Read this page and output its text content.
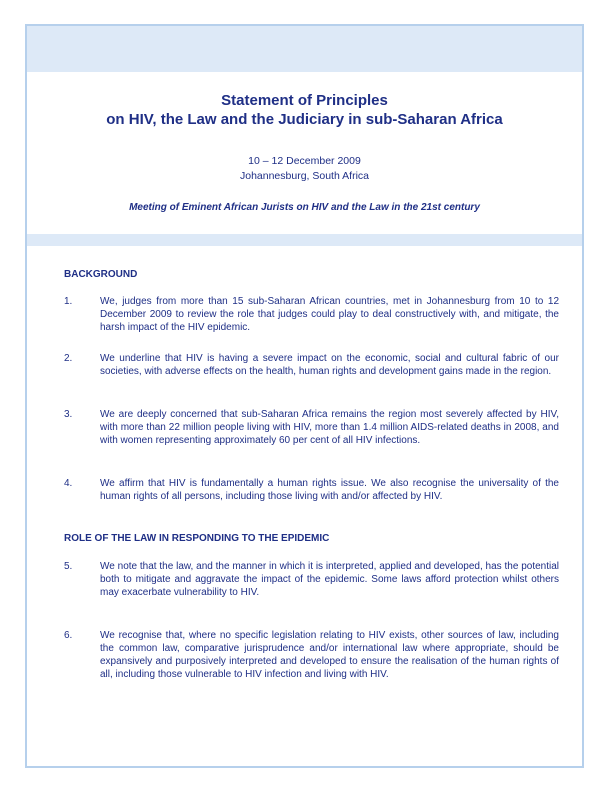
Statement of Principles
on HIV, the Law and the Judiciary in sub-Saharan Africa
10 – 12 December 2009
Johannesburg, South Africa
Meeting of Eminent African Jurists on HIV and the Law in the 21st century
BACKGROUND
1.	We, judges from more than 15 sub-Saharan African countries, met in Johannesburg from 10 to 12 December 2009 to review the role that judges could play to deal constructively with, and mitigate, the harsh impact of the HIV epidemic.
2.	We underline that HIV is having a severe impact on the economic, social and cultural fabric of our societies, with adverse effects on the health, human rights and development gains made in the region.
3.	We are deeply concerned that sub-Saharan Africa remains the region most severely affected by HIV, with more than 22 million people living with HIV, more than 1.4 million AIDS-related deaths in 2008, and with women representing approximately 60 per cent of all HIV infections.
4.	We affirm that HIV is fundamentally a human rights issue. We also recognise the universality of the human rights of all persons, including those living with and/or affected by HIV.
ROLE OF THE LAW IN RESPONDING TO THE EPIDEMIC
5.	We note that the law, and the manner in which it is interpreted, applied and developed, has the potential both to mitigate and aggravate the impact of the epidemic. Some laws afford protection whilst others may exacerbate vulnerability to HIV.
6.	We recognise that, where no specific legislation relating to HIV exists, other sources of law, including the common law, comparative jurisprudence and/or international law where appropriate, should be expansively and purposively interpreted and developed to ensure the realisation of the human rights of all, including those vulnerable to HIV infection and living with HIV.
